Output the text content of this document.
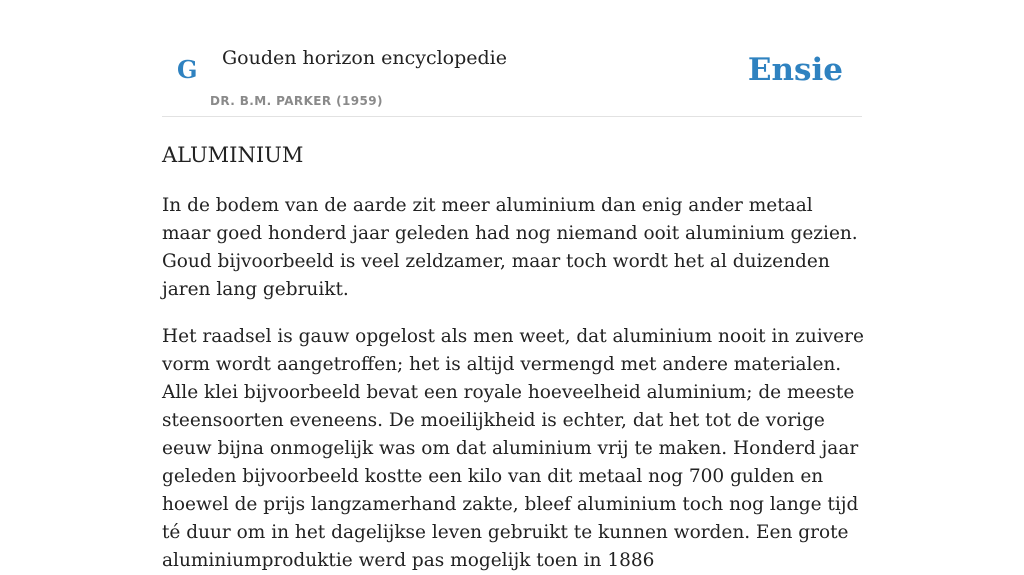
G Gouden horizon encyclopedie
DR. B.M. PARKER (1959)
Ensie
ALUMINIUM

In de bodem van de aarde zit meer aluminium dan enig ander metaal maar goed honderd jaar geleden had nog niemand ooit aluminium gezien. Goud bijvoorbeeld is veel zeldzamer, maar toch wordt het al duizenden jaren lang gebruikt.

Het raadsel is gauw opgelost als men weet, dat aluminium nooit in zuivere vorm wordt aangetroffen; het is altijd vermengd met andere materialen. Alle klei bijvoorbeeld bevat een royale hoeveelheid aluminium; de meeste steensoorten eveneens. De moeilijkheid is echter, dat het tot de vorige eeuw bijna onmogelijk was om dat aluminium vrij te maken. Honderd jaar geleden bijvoorbeeld kostte een kilo van dit metaal nog 700 gulden en hoewel de prijs langzamerhand zakte, bleef aluminium toch nog lange tijd té duur om in het dagelijkse leven gebruikt te kunnen worden. Een grote aluminiumproduktie werd pas mogelijk toen in 1886
